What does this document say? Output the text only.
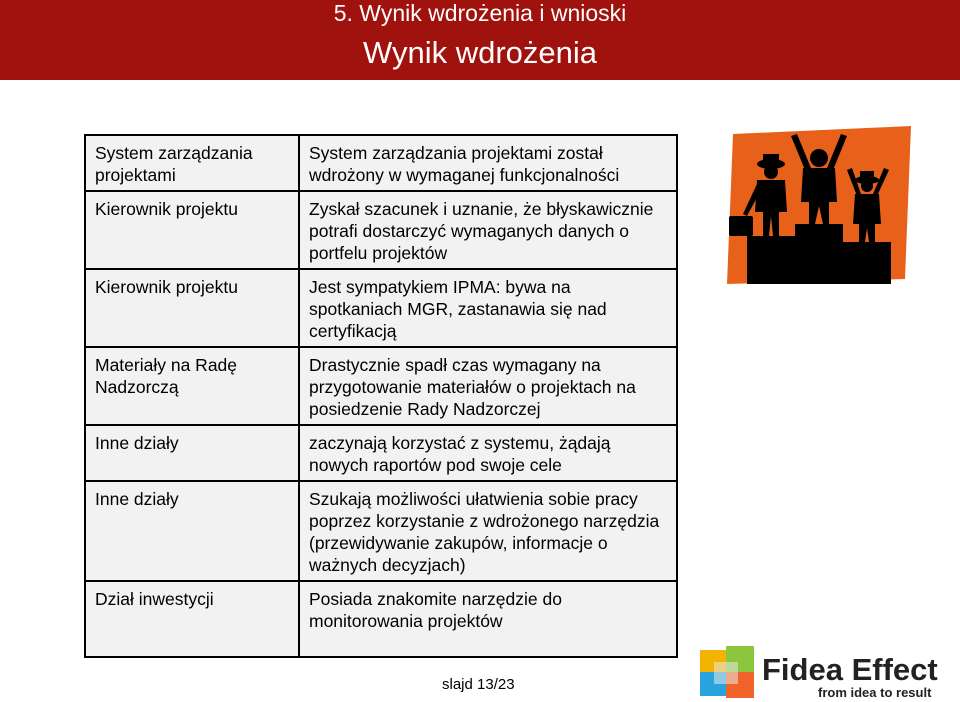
5. Wynik wdrożenia i wnioski
Wynik wdrożenia
System zarządzania projektami	System zarządzania projektami został wdrożony w wymaganej funkcjonalności
Kierownik projektu	Zyskał szacunek i uznanie, że błyskawicznie potrafi dostarczyć wymaganych danych o portfelu projektów
Kierownik projektu	Jest sympatykiem IPMA: bywa na spotkaniach MGR, zastanawia się nad certyfikacją
Materiały na Radę Nadzorczą	Drastycznie spadł czas wymagany na przygotowanie materiałów o projektach na posiedzenie Rady Nadzorczej
Inne działy	zaczynają korzystać z systemu, żądają nowych raportów pod swoje cele
Inne działy	Szukają możliwości ułatwienia sobie pracy poprzez korzystanie z wdrożonego narzędzia (przewidywanie zakupów, informacje o ważnych decyzjach)
Dział inwestycji	Posiada znakomite narzędzie do monitorowania projektów
slajd 13/23	Fidea Effect
from idea to result
